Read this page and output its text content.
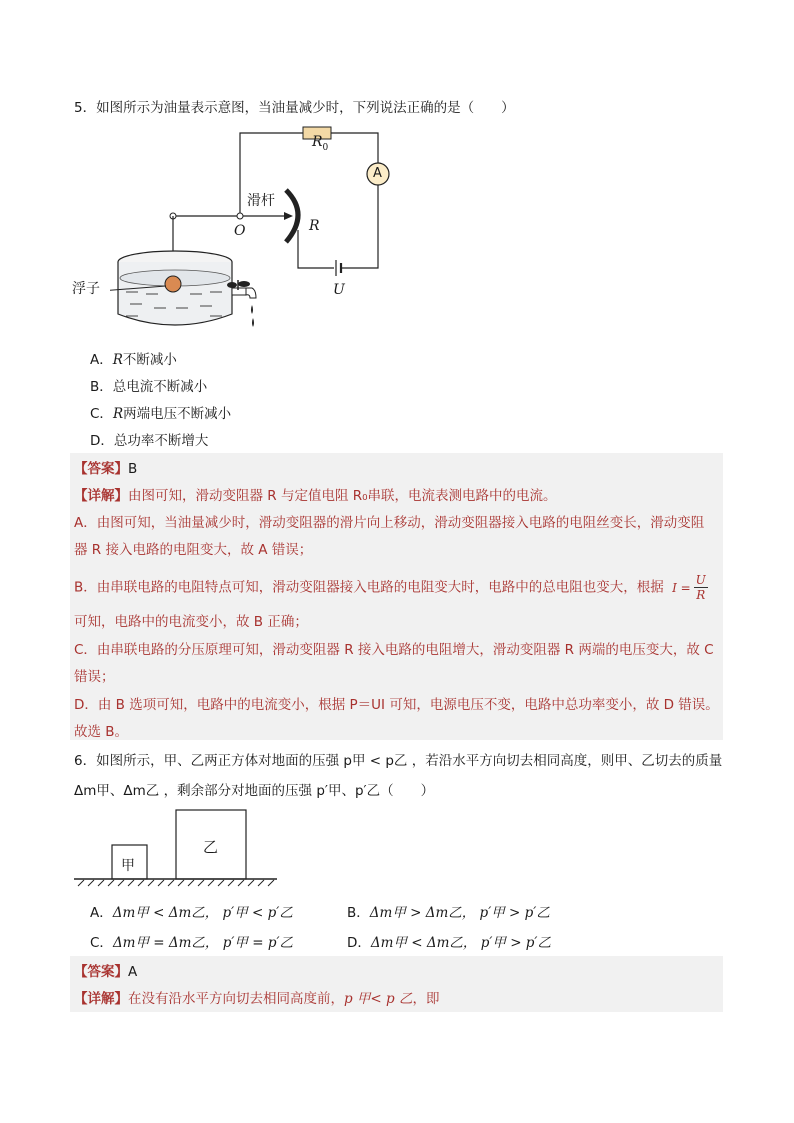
5．如图所示为油量表示意图，当油量减少时，下列说法正确的是（　　）
$R_0$
A
滑杆
O	R
U
浮子
A．R不断减小
B．总电流不断减小
C．R两端电压不断减小
D．总功率不断增大
【答案】B
【详解】由图可知，滑动变阻器 R 与定值电阻 R₀串联，电流表测电路中的电流。
A．由图可知，当油量减少时，滑动变阻器的滑片向上移动，滑动变阻器接入电路的电阻丝变长，滑动变阻
器 R 接入电路的电阻变大，故 A 错误；
B．由串联电路的电阻特点可知，滑动变阻器接入电路的电阻变大时，电路中的总电阻也变大，根据 $I = \frac{U}{R}$
可知，电路中的电流变小，故 B 正确；
C．由串联电路的分压原理可知，滑动变阻器 R 接入电路的电阻增大，滑动变阻器 R 两端的电压变大，故 C
错误；
D．由 B 选项可知，电路中的电流变小，根据 P＝UI 可知，电源电压不变，电路中总功率变小，故 D 错误。
故选 B。
6．如图所示，甲、乙两正方体对地面的压强 p甲 < p乙 ，若沿水平方向切去相同高度，则甲、乙切去的质量
Δm甲、Δm乙 ，剩余部分对地面的压强 p′甲、p′乙（　　）
甲
乙
A．Δm甲 < Δm乙， p′甲 < p′乙	B．Δm甲 > Δm乙， p′甲 > p′乙
C．Δm甲 = Δm乙， p′甲 = p′乙	D．Δm甲 < Δm乙， p′甲 > p′乙
【答案】A
【详解】在没有沿水平方向切去相同高度前，p 甲< p 乙，即
